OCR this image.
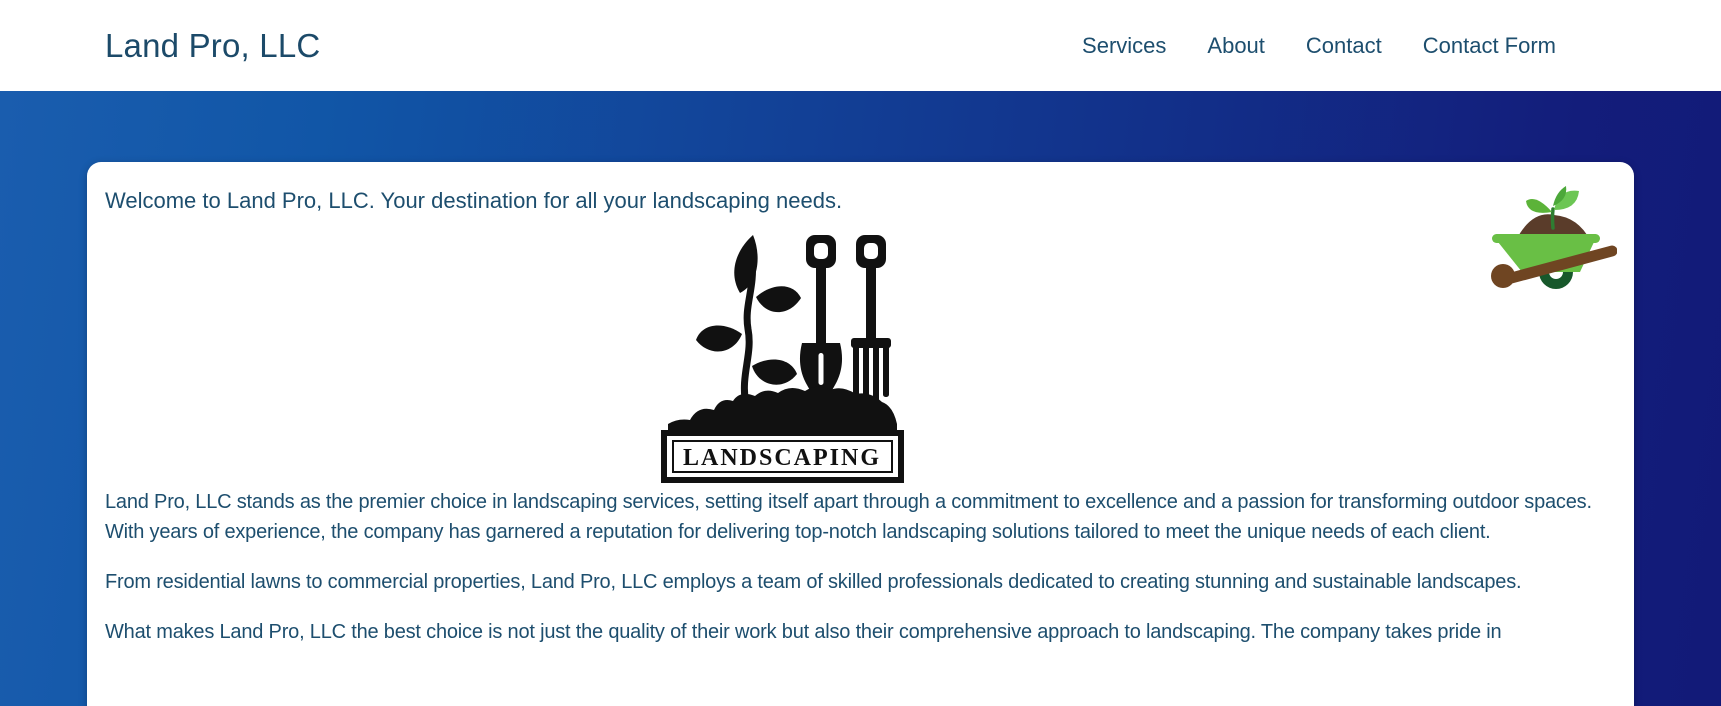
Land Pro, LLC	Services About Contact Contact Form

Welcome to Land Pro, LLC. Your destination for all your landscaping needs.

LANDSCAPING

Land Pro, LLC stands as the premier choice in landscaping services, setting itself apart through a commitment to excellence and a passion for transforming outdoor spaces. With years of experience, the company has garnered a reputation for delivering top-notch landscaping solutions tailored to meet the unique needs of each client.

From residential lawns to commercial properties, Land Pro, LLC employs a team of skilled professionals dedicated to creating stunning and sustainable landscapes.

What makes Land Pro, LLC the best choice is not just the quality of their work but also their comprehensive approach to landscaping. The company takes pride in
